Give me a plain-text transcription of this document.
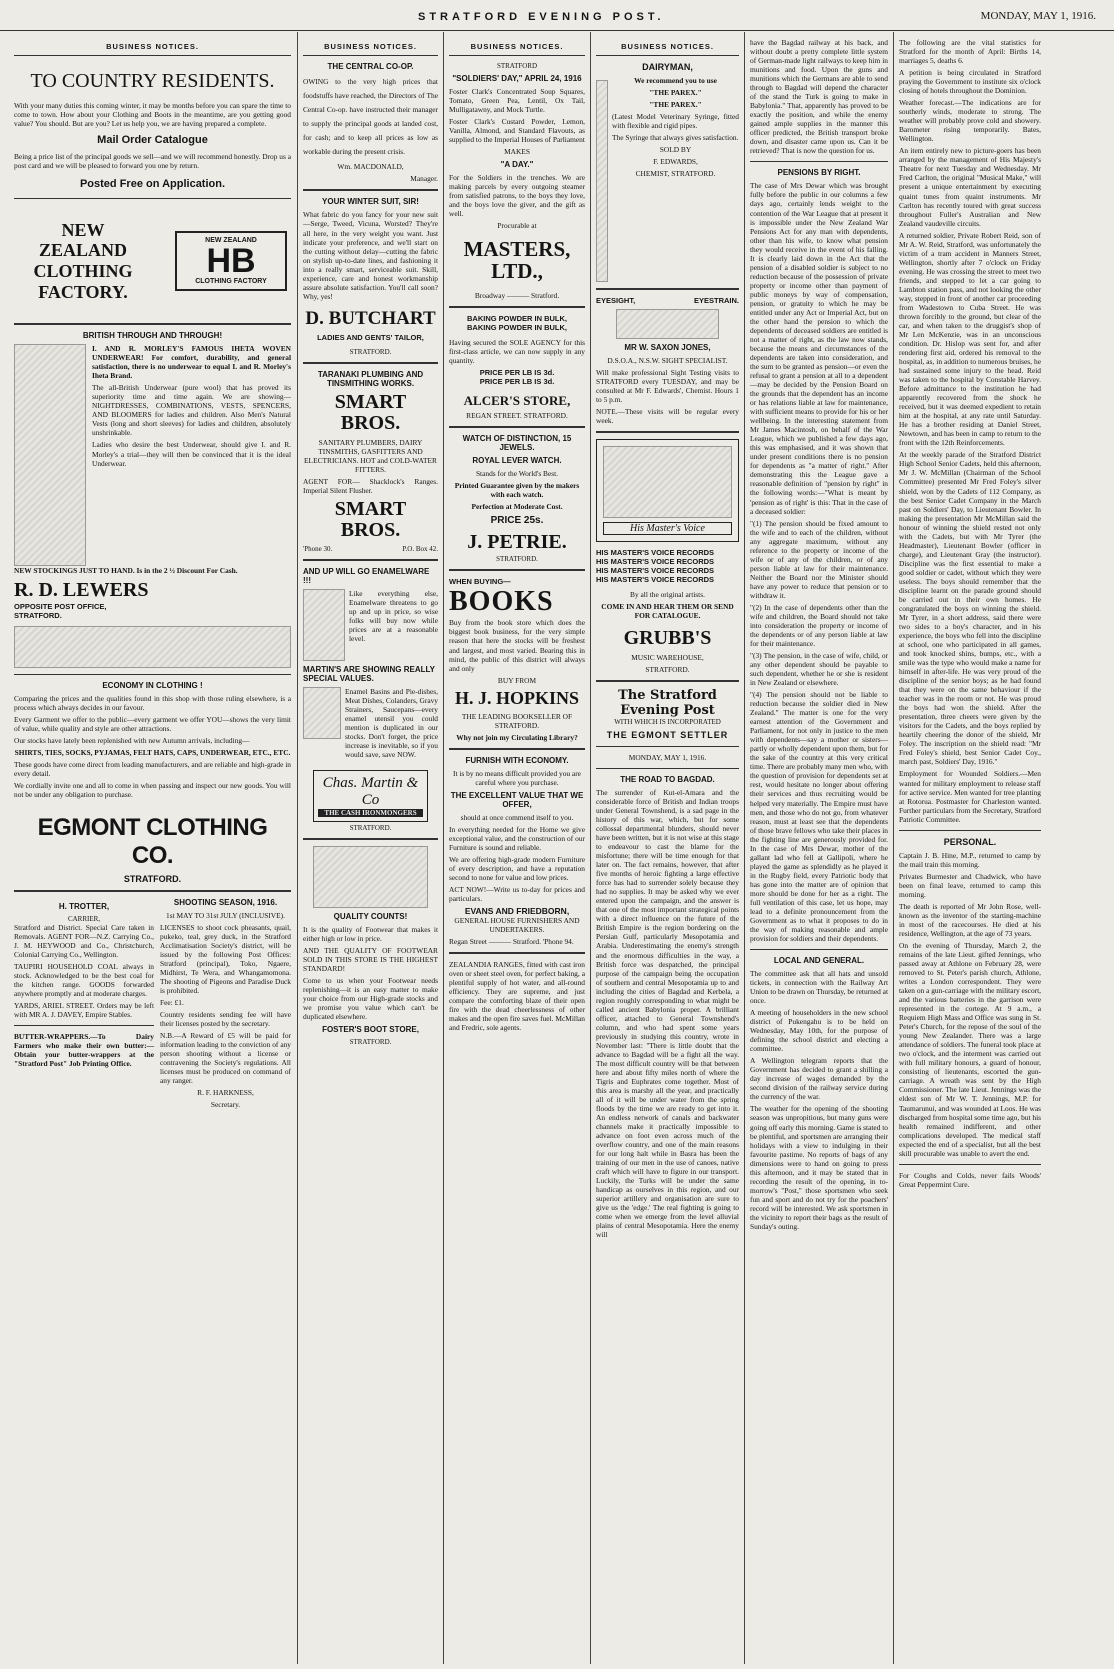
STRATFORD EVENING POST.	MONDAY, MAY 1, 1916.
BUSINESS NOTICES.
TO COUNTRY RESIDENTS.

With your many duties this coming winter, it may be months before you can spare the time to come to town. How about your Clothing and Boots in the meantime, are you getting good value? You should. But are you? Let us help you, we are having prepared a complete.

Mail Order Catalogue

Being a price list of the principal goods we sell—and we will recommend honestly. Drop us a post card and we will be pleased to forward you one by return.

Posted Free on Application.
NEW ZEALAND CLOTHING FACTORY.
NEW ZEALAND
HB
CLOTHING FACTORY
BRITISH THROUGH AND THROUGH!

I. AND R. MORLEY'S FAMOUS IHETA WOVEN UNDERWEAR! For comfort, durability, and general satisfaction, there is no underwear to equal I. and R. Morley's Iheta Brand.

The all-British Underwear (pure wool) that has proved its superiority time and time again. We are showing—NIGHTDRESSES, COMBINATIONS, VESTS, SPENCERS, AND BLOOMERS for ladies and children. Also Men's Natural Vests (long and short sleeves) for ladies and children, absolutely unshrinkable.

Ladies who desire the best Underwear, should give I. and R. Morley's a trial—they will then be convinced that it is the ideal Underwear.

NEW STOCKINGS JUST TO HAND. Is in the 2 ½ Discount For Cash.

R. D. LEWERS
OPPOSITE POST OFFICE,
STRATFORD.
ECONOMY IN CLOTHING !

Comparing the prices and the qualities found in this shop with those ruling elsewhere, is a process which always decides in our favour.

Every Garment we offer to the public—every garment we offer YOU—shows the very limit of value, while quality and style are other attractions.

Our stocks have lately been replenished with new Autumn arrivals, including—

SHIRTS, TIES, SOCKS, PYJAMAS, FELT HATS, CAPS, UNDERWEAR, ETC., ETC.

These goods have come direct from leading manufacturers, and are reliable and high-grade in every detail.

We cordially invite one and all to come in when passing and inspect our new goods. You will not be under any obligation to purchase.

EGMONT CLOTHING CO.
STRATFORD.
H. TROTTER,
CARRIER,

Stratford and District. Special Care taken in Removals. AGENT FOR—N.Z. Carrying Co., J. M. HEYWOOD and Co., Christchurch, Colonial Carrying Co., Wellington.

TAUPIRI HOUSEHOLD COAL always in stock. Acknowledged to be the best coal for the kitchen range. GOODS forwarded anywhere promptly and at moderate charges.

YARDS, ARIEL STREET. Orders may be left with MR A. J. DAVEY, Empire Stables.

BUTTER-WRAPPERS.—To Dairy Farmers who make their own butter:—Obtain your butter-wrappers at the "Stratford Post" Job Printing Office.

SHOOTING SEASON, 1916.

1st MAY TO 31st JULY (INCLUSIVE).

LICENSES to shoot cock pheasants, quail, pukeko, teal, grey duck, in the Stratford Acclimatisation Society's district, will be issued by the following Post Offices: Stratford (principal), Toko, Ngaere, Midhirst, Te Wera, and Whangamomona. The shooting of Pigeons and Paradise Duck is prohibited.

Fee: £1.

Country residents sending fee will have their licenses posted by the secretary.

N.B.—A Reward of £5 will be paid for information leading to the conviction of any person shooting without a license or contravening the Society's regulations. All licenses must be produced on command of any ranger.

R. F. HARKNESS,

Secretary.

BUSINESS NOTICES.
THE CENTRAL CO-OP.

OWING to the very high prices that foodstuffs have reached, the Directors of The Central Co-op. have instructed their manager to supply the principal goods at landed cost, for cash; and to keep all prices as low as workable during the present crisis.

Wm. MACDONALD,

Manager.

YOUR WINTER SUIT, SIR!

What fabric do you fancy for your new suit—Serge, Tweed, Vicuna, Worsted? They're all here, in the very weight you want. Just indicate your preference, and we'll start on the cutting without delay—cutting the fabric on stylish up-to-date lines, and fashioning it into a really smart, serviceable suit. Skill, experience, care and honest workmanship assure absolute satisfaction. You'll call soon? Why, yes!

D. BUTCHART
LADIES AND GENTS' TAILOR,
STRATFORD.
TARANAKI PLUMBING AND TINSMITHING WORKS.
SMART BROS.

SANITARY PLUMBERS, DAIRY TINSMITHS, GASFITTERS AND ELECTRICIANS. HOT and COLD-WATER FITTERS.

AGENT FOR— Shacklock's Ranges. Imperial Silent Flusher.

SMART BROS.
'Phone 30.	P.O. Box 42.
AND UP WILL GO ENAMELWARE !!!

Like everything else, Enamelware threatens to go up and up in price, so wise folks will buy now while prices are at a reasonable level.

MARTIN'S ARE SHOWING REALLY SPECIAL VALUES.

Enamel Basins and Pie-dishes, Meat Dishes, Colanders, Gravy Strainers, Saucepans—every enamel utensil you could mention is duplicated in our stocks. Don't forget, the price increase is inevitable, so if you would save, save NOW.

Chas. Martin & Co
THE CASH IRONMONGERS
STRATFORD.
QUALITY COUNTS!

It is the quality of Footwear that makes it either high or low in price.

AND THE QUALITY OF FOOTWEAR SOLD IN THIS STORE IS THE HIGHEST STANDARD!

Come to us when your Footwear needs replenishing—it is an easy matter to make your choice from our High-grade stocks and we promise you value which can't be duplicated elsewhere.

FOSTER'S BOOT STORE,
STRATFORD.
BUSINESS NOTICES.
STRATFORD
"SOLDIERS' DAY," APRIL 24, 1916

Foster Clark's Concentrated Soup Squares, Tomato, Green Pea, Lentil, Ox Tail, Mulligatawny, and Mock Turtle.

Foster Clark's Custard Powder, Lemon, Vanilla, Almond, and Standard Flavouts, as supplied to the Imperial Houses of Parliament

MAKES

"A DAY."

For the Soldiers in the trenches. We are making parcels by every outgoing steamer from satisfied patrons, to the boys they love, and the boys love the giver, and the gift as well.

Procurable at

MASTERS, LTD.,

Broadway ——— Stratford.

BAKING POWDER IN BULK,
BAKING POWDER IN BULK,

Having secured the SOLE AGENCY for this first-class article, we can now supply in any quantity.

PRICE PER LB IS 3d.
PRICE PER LB IS 3d.
ALCER'S STORE,

REGAN STREET. STRATFORD.

WATCH OF DISTINCTION, 15 JEWELS.
ROYAL LEVER WATCH.

Stands for the World's Best.

Printed Guarantee given by the makers with each watch.

Perfection at Moderate Cost.

PRICE 25s.
J. PETRIE.
STRATFORD.
WHEN BUYING—
BOOKS

Buy from the book store which does the biggest book business, for the very simple reason that here the stocks will be freshest and largest, and most varied. Bearing this in mind, the public of this district will always and only

BUY FROM

H. J. HOPKINS

THE LEADING BOOKSELLER OF STRATFORD.

Why not join my Circulating Library?

FURNISH WITH ECONOMY.

It is by no means difficult provided you are careful where you purchase.

THE EXCELLENT VALUE THAT WE OFFER,

should at once commend itself to you.

In everything needed for the Home we give exceptional value, and the construction of our Furniture is sound and reliable.

We are offering high-grade modern Furniture of every description, and have a reputation second to none for value and low prices.

ACT NOW!—Write us to-day for prices and particulars.

EVANS AND FRIEDBORN,

GENERAL HOUSE FURNISHERS AND UNDERTAKERS.

Regan Street ——— Stratford. 'Phone 94.

ZEALANDIA RANGES, fitted with cast iron oven or sheet steel oven, for perfect baking, a plentiful supply of hot water, and all-round efficiency. They are supreme, and just compare the comforting blaze of their open fire with the dead cheerlessness of other makes and the open fire saves fuel. McMillan and Fredric, sole agents.

BUSINESS NOTICES.
DAIRYMAN,

We recommend you to use

"THE PAREX."

"THE PAREX."

(Latest Model Veterinary Syringe, fitted with flexible and rigid pipes.

The Syringe that always gives satisfaction.

SOLD BY

F. EDWARDS,

CHEMIST, STRATFORD.

EYESIGHT,	EYESTRAIN.
MR W. SAXON JONES,

D.S.O.A., N.S.W. SIGHT SPECIALIST.

Will make professional Sight Testing visits to STRATFORD every TUESDAY, and may be consulted at Mr F. Edwards', Chemist. Hours 1 to 5 p.m.

NOTE.—These visits will be regular every week.

His Master's Voice
HIS MASTER'S VOICE RECORDS
HIS MASTER'S VOICE RECORDS
HIS MASTER'S VOICE RECORDS
HIS MASTER'S VOICE RECORDS

By all the original artists.

COME IN AND HEAR THEM OR SEND FOR CATALOGUE.

GRUBB'S

MUSIC WAREHOUSE,

STRATFORD.

The Stratford Evening Post

WITH WHICH IS INCORPORATED

THE EGMONT SETTLER

MONDAY, MAY 1, 1916.

THE ROAD TO BAGDAD.

The surrender of Kut-el-Amara and the considerable force of British and Indian troops under General Townshend, is a sad page in the history of this war, which, but for some collossal departmental blunders, should never have been written, but it is not wise at this stage to endeavour to cast the blame for the misfortune; there will be time enough for that later on. The fact remains, however, that after five months of heroic fighting a large effective force has had to surrender solely because they had no supplies. It may be asked why we ever entered upon the campaign, and the answer is that one of the most important strategical points with a direct influence on the future of the British Empire is the region bordering on the Persian Gulf, particularly Mesopotamia and Arabia. Underestimating the enemy's strength and the enormous difficulties in the way, a British force was despatched, the principal purpose of the campaign being the occupation of southern and central Mesopotamia up to and including the cities of Bagdad and Kerbela, a region roughly corresponding to what might be called ancient Babylonia proper. A brilliant officer, attached to General Townshend's column, and who had spent some years previously in studying this country, wrote in November last: "There is little doubt that the advance to Bagdad will be a fight all the way. The most difficult country will be that between here and about fifty miles north of where the Tigris and Euphrates come together. Most of this area is marshy all the year, and practically all of it will be under water from the spring floods by the time we are ready to get into it. An endless network of canals and backwater channels make it practically impossible to advance on foot even across much of the overflow country, and one of the main reasons for our long halt while in Basra has been the training of our men in the use of canoes, native craft which will have to figure in our transport. Luckily, the Turks will be under the same handicap as ourselves in this region, and our superior artillery and organisation are sure to give us the 'edge.' The real fighting is going to come when we emerge from the level alluvial plains of central Mesopotamia. Here the enemy will

have the Bagdad railway at his back, and without doubt a pretty complete little system of German-made light railways to keep him in munitions and food. Upon the guns and munitions which the Germans are able to send through to Bagdad will depend the character of the stand the Turk is going to make in Babylonia." That, apparently has proved to be exactly the position, and while the enemy gained ample supplies in the manner this officer predicted, the British transport broke down, and disaster came upon us. Can it be retrieved? That is now the question for us.

PENSIONS BY RIGHT.

The case of Mrs Dewar which was brought fully before the public in our columns a few days ago, certainly lends weight to the contention of the War League that at present it is impossible under the New Zealand War Pensions Act for any man with dependents, other than his wife, to know what pension they would receive in the event of his falling. It is clearly laid down in the Act that the pension of a disabled soldier is subject to no reduction because of the possession of private property or income other than payment of public moneys by way of compensation, pension, or gratuity to which he may be entitled under any Act or Imperial Act, but on the other hand the pension to which the dependents of deceased soldiers are entitled is not a matter of right, as the law now stands, because the means and circumstances of the dependents are taken into consideration, and the sum to be granted as pension—or even the refusal to grant a pension at all to a dependent—may be decided by the Pension Board on the grounds that the dependent has an income or has relations liable at law for maintenance, with sufficient means to provide for his or her wellbeing. In the interesting statement from Mr James Macintosh, on behalf of the War League, which we published a few days ago, this was emphasised, and it was shown that under present conditions there is no pension for dependents as "a matter of right." After demonstrating this the League gave a reasonable definition of "pension by right" in the following words:—"What is meant by 'pension as of right' is this: That in the case of a deceased soldier:

"(1) The pension should be fixed amount to the wife and to each of the children, without any aggregate maximum, without any reference to the property or income of the wife or of any of the children, or of any person liable at law for their maintenance. Neither the Board nor the Minister should have any power to reduce that pension or to withdraw it.

"(2) In the case of dependents other than the wife and children, the Board should not take into consideration the property or income of the dependents or of any person liable at law for their maintenance.

"(3) The pension, in the case of wife, child, or any other dependent should be payable to such dependent, whether he or she is resident in New Zealand or elsewhere.

"(4) The pension should not be liable to reduction because the soldier died in New Zealand." The matter is one for the very earnest attention of the Government and Parliament, for not only in justice to the men with dependents—say a mother or sisters—partly or wholly dependent upon them, but for the sake of the country at this very critical time. There are probably many men who, with the question of provision for dependents set at rest, would hesitate no longer about offering their services and thus recruiting would be helped very materially. The Empire must have men, and those who do not go, from whatever reason, must at least see that the dependents of those brave fellows who take their places in the fighting line are generously provided for. In the case of Mrs Dewar, mother of the gallant lad who fell at Gallipoli, where he played the game as splendidly as he played it in the Rugby field, every Patriotic body that has gone into the matter are of opinion that more should be done for her as a right. The full ventilation of this case, let us hope, may lead to a definite pronouncement from the Government as to what it proposes to do in the way of making reasonable and ample provision for soldiers and their dependents.

LOCAL AND GENERAL.

The committee ask that all hats and unsold tickets, in connection with the Railway Art Union to be drawn on Thursday, be returned at once.

A meeting of householders in the new school district of Pukengahu is to be held on Wednesday, May 10th, for the purpose of defining the school district and electing a committee.

A Wellington telegram reports that the Government has decided to grant a shilling a day increase of wages demanded by the second division of the railway service during the currency of the war.

The weather for the opening of the shooting season was unpropitious, but many guns were going off early this morning. Game is stated to be plentiful, and sportsmen are arranging their holidays with a view to indulging in their favourite pastime. No reports of bags of any dimensions were to hand on going to press this afternoon, and it may be stated that in recording the result of the opening, in to-morrow's "Post," those sportsmen who seek fun and sport and do not try for the poachers' record will be interested. We ask sportsmen in the vicinity to report their bags as the result of Sunday's outing.

The following are the vital statistics for Stratford for the month of April: Births 14, marriages 5, deaths 6.

A petition is being circulated in Stratford praying the Government to institute six o'clock closing of hotels throughout the Dominion.

Weather forecast.—The indications are for southerly winds, moderate to strong. The weather will probably prove cold and showery. Barometer rising temporarily. Bates, Wellington.

An item entirely new to picture-goers has been arranged by the management of His Majesty's Theatre for next Tuesday and Wednesday. Mr Fred Carlton, the original "Musical Make," will present a unique entertainment by executing quaint tunes from quaint instruments. Mr Carlton has recently toured with great success throughout Fuller's Australian and New Zealand vaudeville circuits.

A returned soldier, Private Robert Reid, son of Mr A. W. Reid, Stratford, was unfortunately the victim of a tram accident in Manners Street, Wellington, shortly after 7 o'clock on Friday evening. He was crossing the street to meet two friends, and stepped to let a car going to Lambton station pass, and not looking the other way, stepped in front of another car proceeding from Wadestown to Cuba Street. He was thrown forcibly to the ground, but clear of the car, and when taken to the druggist's shop of Mr Len McKenzie, was in an unconscious condition. Dr. Hislop was sent for, and after rendering first aid, ordered his removal to the hospital, as, in addition to numerous bruises, he had sustained some injury to the head. Reid was taken to the hospital by Constable Harvey. Before admittance to the institution he had apparently recovered from the shock he received, but it was deemed expedient to retain him at the hospital, at any rate until Saturday. He has a brother residing at Daniel Street, Newtown, and has been in camp to return to the front with the 12th Reinforcements.

At the weekly parade of the Stratford District High School Senior Cadets, held this afternoon, Mr J. W. McMillan (Chairman of the School Committee) presented Mr Fred Foley's silver shield, won by the Cadets of 112 Company, as the best Senior Cadet Company in the March past on Soldiers' Day, to Lieutenant Bowler. In making the presentation Mr McMillan said the honour of winning the shield rested not only with the Cadets, but with Mr Tyrer (the Headmaster), Lieutenant Bowler (officer in charge), and Lieutenant Gray (the instructor). Discipline was the first essential to make a good soldier or cadet, without which they were useless. The boys should remember that the discipline learnt on the parade ground should be carried out in their own homes. He congratulated the boys on winning the shield. Mr Tyrer, in a short address, said there were two sides to a boy's character, and in his experience, the boys who fell into the discipline at school, one who participated in all games, and took knocked shins, bumps, etc., with a smile was the type who would make a name for himself in after-life. He was very proud of the discipline of the senior boys; as he had found that they were on the same behaviour if the teacher was in the room or not. He was proud the boys had won the shield. After the presentation, three cheers were given by the visitors for the Cadets, and the boys replied by heartily cheering the donor of the shield, Mr Foley. The inscription on the shield read: "Mr Fred Foley's shield, best Senior Cadet Coy., march past, Soldiers' Day, 1916."

Employment for Wounded Soldiers.—Men wanted for military employment to release staff for active service. Men wanted for tree planting at Rotorua. Postmaster for Charleston wanted. Further particulars from the Secretary, Stratford Patriotic Committee.

PERSONAL.

Captain J. B. Hine, M.P., returned to camp by the mail train this morning.

Privates Burmester and Chadwick, who have been on final leave, returned to camp this morning.

The death is reported of Mr John Rose, well-known as the inventor of the starting-machine in most of the racecourses. He died at his residence, Wellington, at the age of 73 years.

On the evening of Thursday, March 2, the remains of the late Lieut. gifted Jennings, who passed away at Athlone on February 28, were removed to St. Peter's parish church, Athlone, writes a London correspondent. They were taken on a gun-carriage with the military escort, and the various batteries in the garrison were represented in the cortege. At 9 a.m., a Requiem High Mass and Office was sung in St. Peter's Church, for the repose of the soul of the young New Zealander. There was a large attendance of soldiers. The funeral took place at two o'clock, and the interment was carried out with full military honours, a guard of honour, consisting of lieutenants, escorted the gun-carriage. A wreath was sent by the High Commissioner. The late Lieut. Jennings was the eldest son of Mr W. T. Jennings, M.P. for Taumarunui, and was wounded at Loos. He was discharged from hospital some time ago, but his health remained indifferent, and other complications developed. The medical staff expected the end of a specialist, but all the best skill procurable was unable to avert the end.

For Coughs and Colds, never fails Woods' Great Peppermint Cure.
